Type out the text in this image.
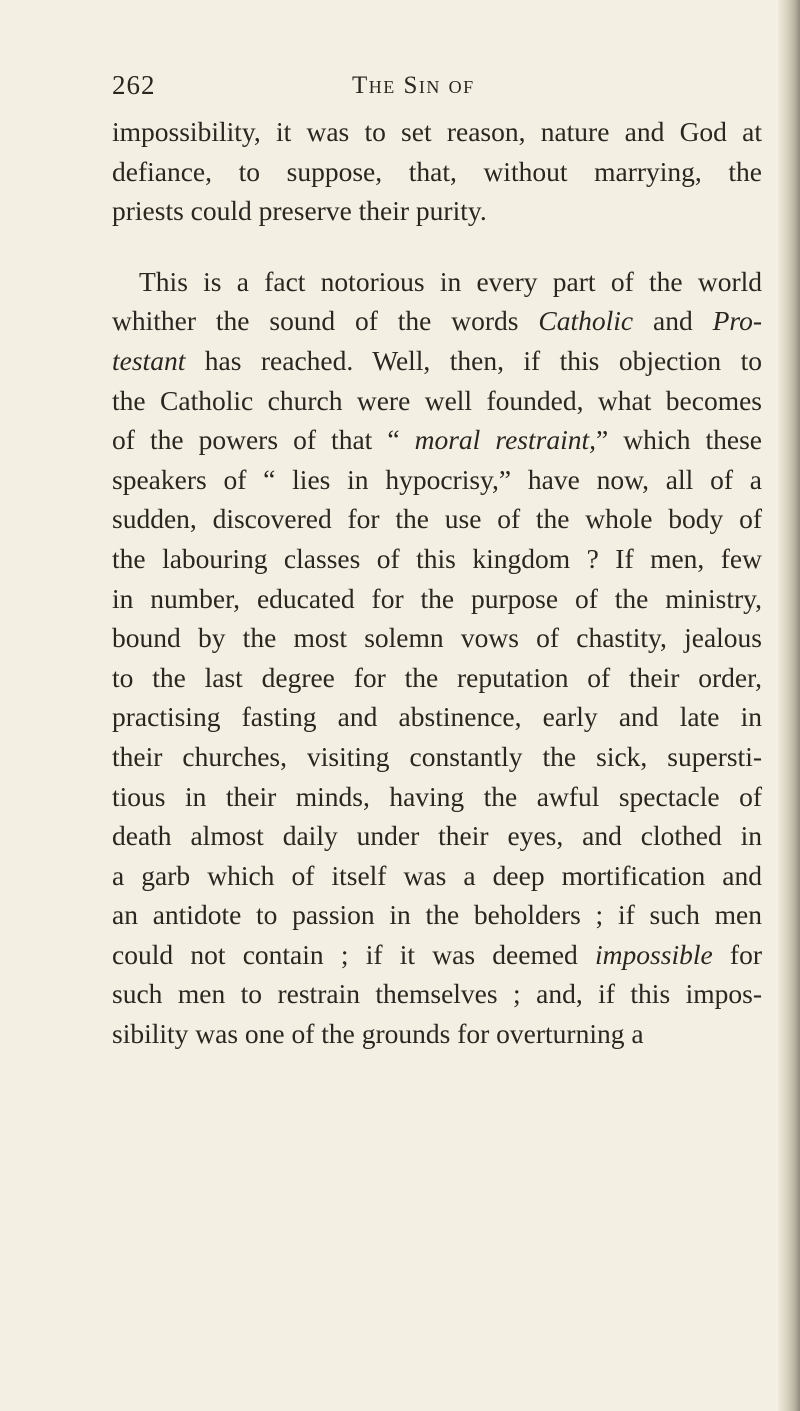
262	The Sin of
impossibility, it was to set reason, nature and God at
defiance, to suppose, that, without marrying, the
priests could preserve their purity.
This is a fact notorious in every part of the world
whither the sound of the words Catholic and Pro-
testant has reached. Well, then, if this objection to
the Catholic church were well founded, what becomes
of the powers of that “ moral restraint,” which these
speakers of “ lies in hypocrisy,” have now, all of a
sudden, discovered for the use of the whole body of
the labouring classes of this kingdom ? If men, few
in number, educated for the purpose of the ministry,
bound by the most solemn vows of chastity, jealous
to the last degree for the reputation of their order,
practising fasting and abstinence, early and late in
their churches, visiting constantly the sick, supersti-
tious in their minds, having the awful spectacle of
death almost daily under their eyes, and clothed in
a garb which of itself was a deep mortification and
an antidote to passion in the beholders ; if such men
could not contain ; if it was deemed impossible for
such men to restrain themselves ; and, if this impos-
sibility was one of the grounds for overturning a
